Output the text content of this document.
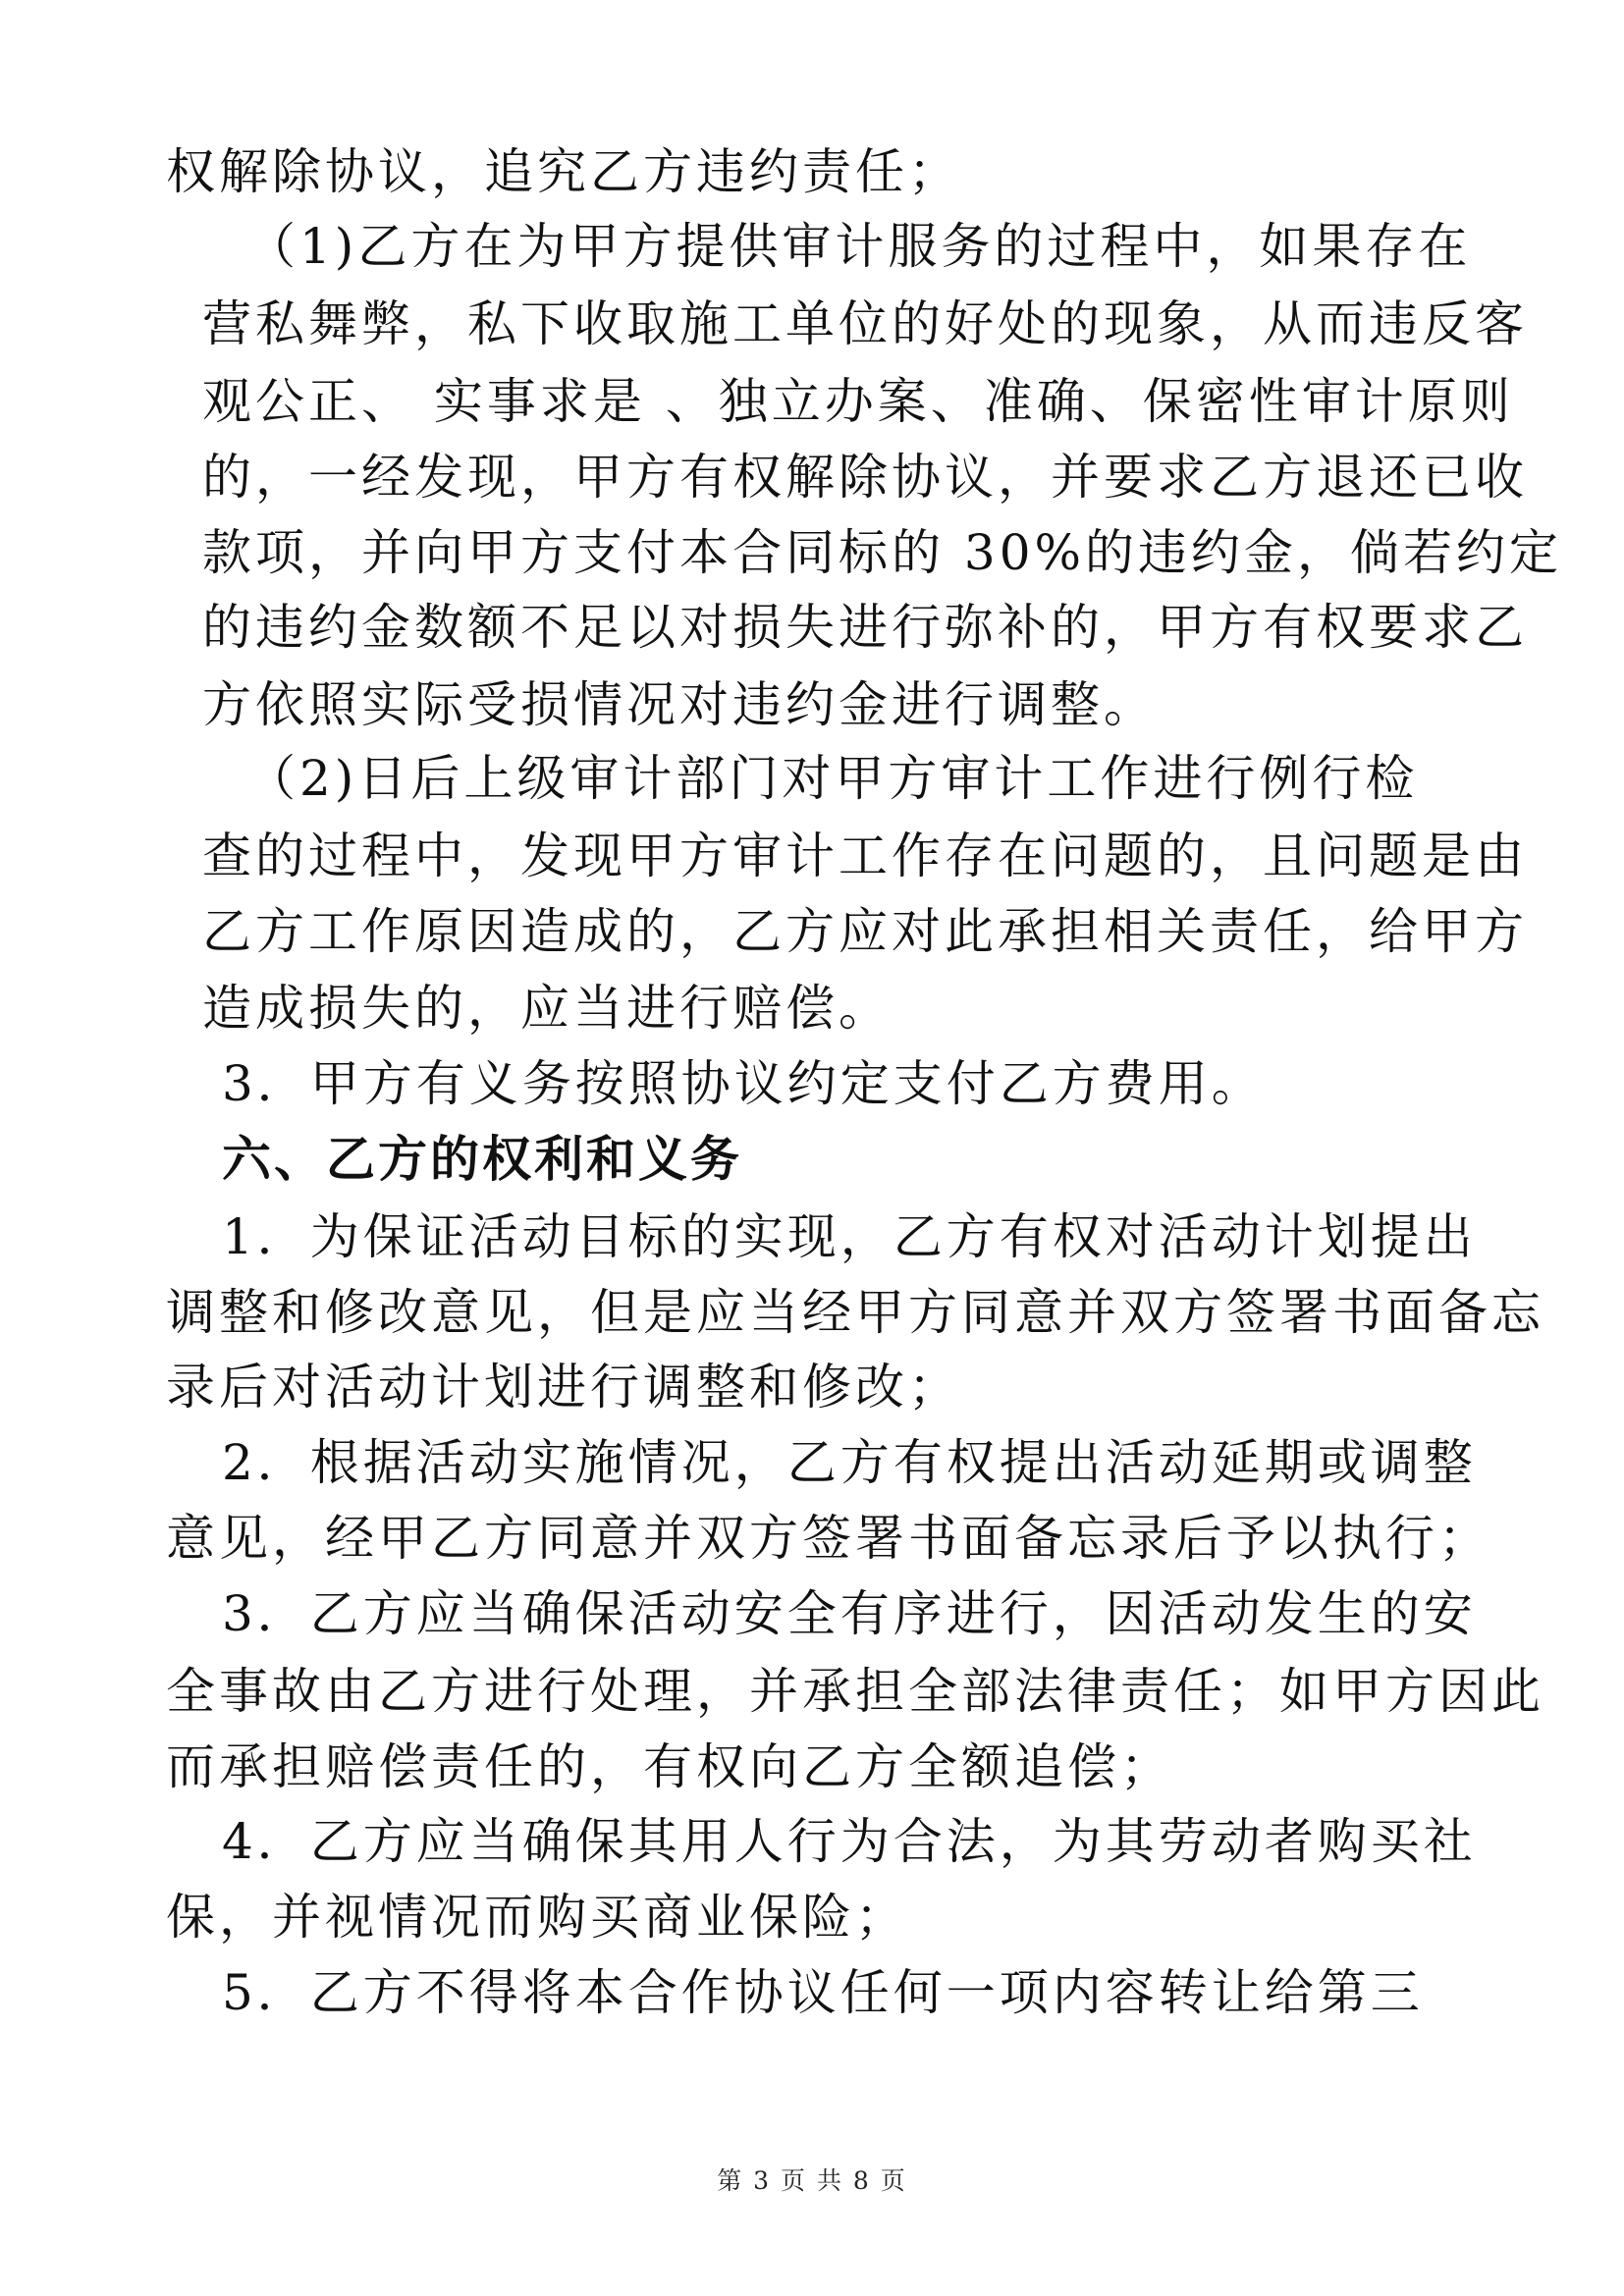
权解除协议，追究乙方违约责任；
（1)乙方在为甲方提供审计服务的过程中，如果存在
营私舞弊，私下收取施工单位的好处的现象，从而违反客
观公正、 实事求是 、独立办案、准确、保密性审计原则
的，一经发现，甲方有权解除协议，并要求乙方退还已收
款项，并向甲方支付本合同标的 30%的违约金，倘若约定
的违约金数额不足以对损失进行弥补的，甲方有权要求乙
方依照实际受损情况对违约金进行调整。
（2)日后上级审计部门对甲方审计工作进行例行检
查的过程中，发现甲方审计工作存在问题的，且问题是由
乙方工作原因造成的，乙方应对此承担相关责任，给甲方
造成损失的，应当进行赔偿。
3．甲方有义务按照协议约定支付乙方费用。
六、乙方的权利和义务
1．为保证活动目标的实现，乙方有权对活动计划提出
调整和修改意见，但是应当经甲方同意并双方签署书面备忘
录后对活动计划进行调整和修改；
2．根据活动实施情况，乙方有权提出活动延期或调整
意见，经甲乙方同意并双方签署书面备忘录后予以执行；
3．乙方应当确保活动安全有序进行，因活动发生的安
全事故由乙方进行处理，并承担全部法律责任；如甲方因此
而承担赔偿责任的，有权向乙方全额追偿；
4．乙方应当确保其用人行为合法，为其劳动者购买社
保，并视情况而购买商业保险；
5．乙方不得将本合作协议任何一项内容转让给第三
第 3 页 共 8 页
